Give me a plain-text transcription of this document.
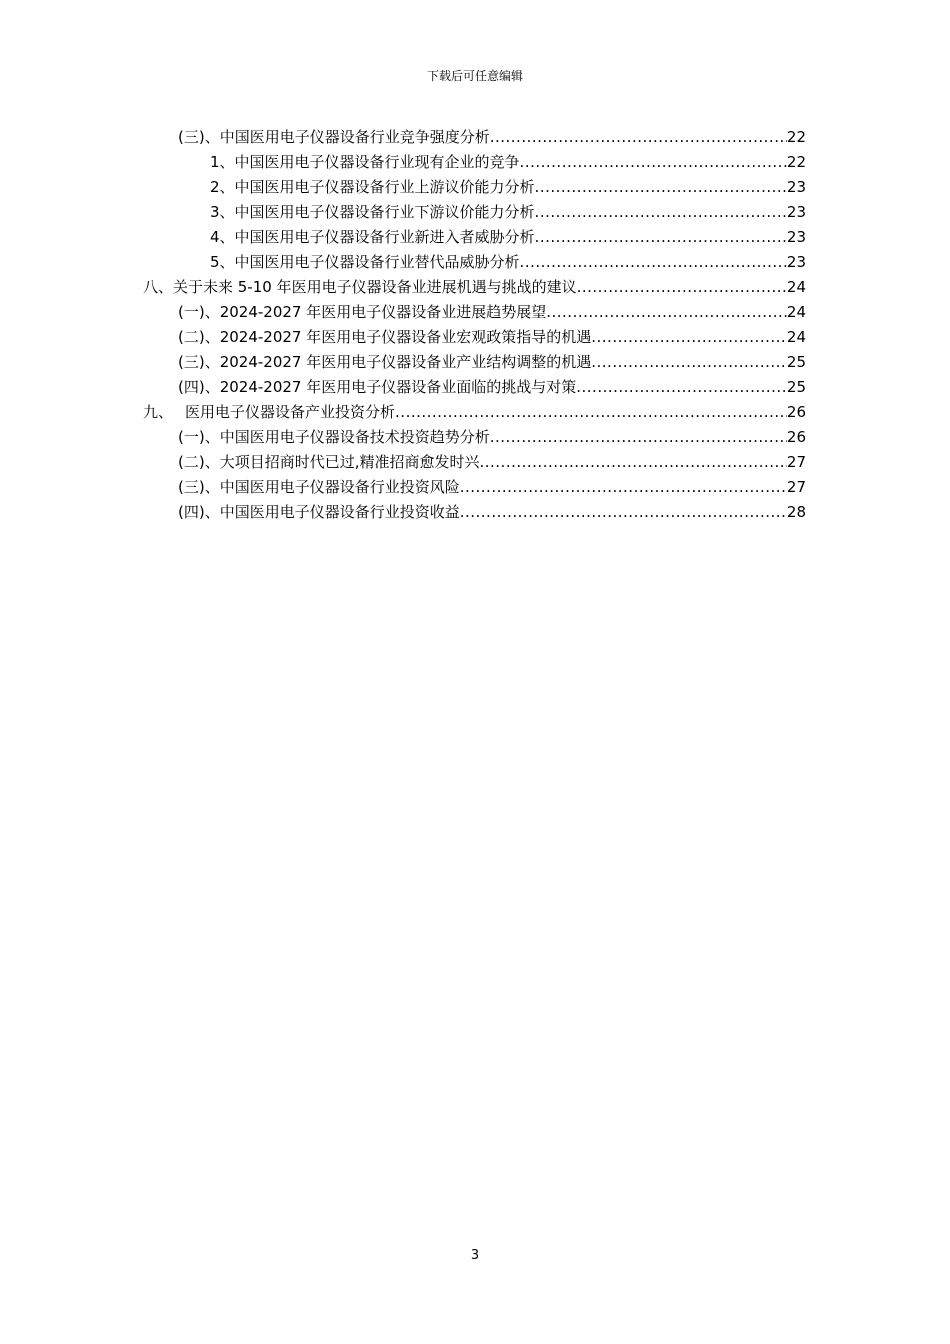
下载后可任意编辑
(三)、中国医用电子仪器设备行业竞争强度分析 .....	22
1、中国医用电子仪器设备行业现有企业的竞争 .....	22
2、中国医用电子仪器设备行业上游议价能力分析 .....	23
3、中国医用电子仪器设备行业下游议价能力分析 .....	23
4、中国医用电子仪器设备行业新进入者威胁分析 .....	23
5、中国医用电子仪器设备行业替代品威胁分析 .....	23
八、关于未来 5-10 年医用电子仪器设备业进展机遇与挑战的建议 .....	24
(一)、2024-2027 年医用电子仪器设备业进展趋势展望 .....	24
(二)、2024-2027 年医用电子仪器设备业宏观政策指导的机遇 .....	24
(三)、2024-2027 年医用电子仪器设备业产业结构调整的机遇 .....	25
(四)、2024-2027 年医用电子仪器设备业面临的挑战与对策 .....	25
九、 医用电子仪器设备产业投资分析 .....	26
(一)、中国医用电子仪器设备技术投资趋势分析 .....	26
(二)、大项目招商时代已过,精准招商愈发时兴 .....	27
(三)、中国医用电子仪器设备行业投资风险 .....	27
(四)、中国医用电子仪器设备行业投资收益 .....	28
3
